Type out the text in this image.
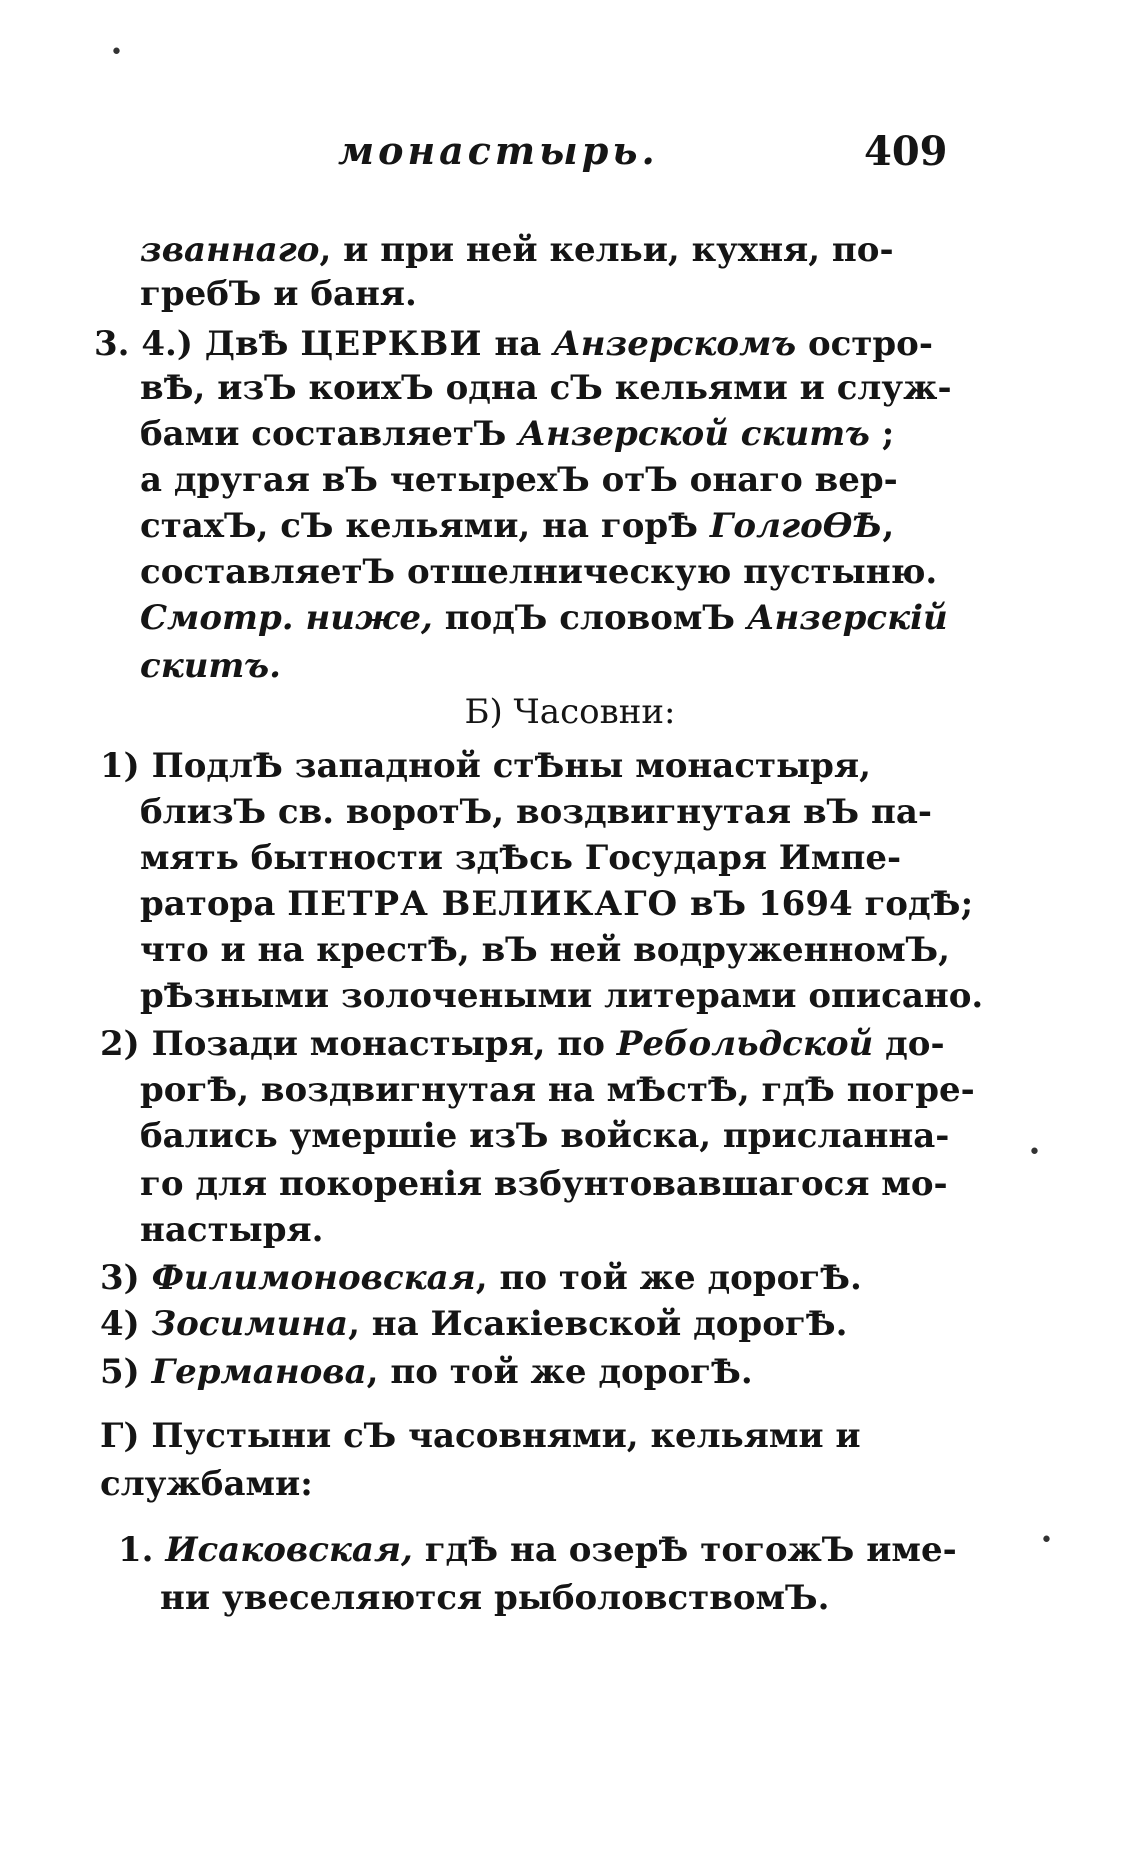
•
монастырь.	409
званнаго, и при ней кельи, кухня, по-
гребЪ и баня.
3. 4.) ДвѢ ЦЕРКВИ на Анзерскомъ остро-
вѢ, изЪ коихЪ одна сЪ кельями и служ-
бами составляетЪ Анзерской скитъ ;
а другая вЪ четырехЪ отЪ онаго вер-
стахЪ, сЪ кельями, на горѢ ГолгоѲѢ,
составляетЪ отшелническую пустыню.
Смотр. ниже, подЪ словомЪ Анзерскій
скитъ.
Б) Часовни:
1) ПодлѢ западной стѢны монастыря,
близЪ св. воротЪ, воздвигнутая вЪ па-
мять бытности здѢсь Государя Импе-
ратора ПЕТРА ВЕЛИКАГО вЪ 1694 годѢ;
что и на крестѢ, вЪ ней водруженномЪ,
рѢзными золочеными литерами описано.
2) Позади монастыря, по Ребольдской до-
рогѢ, воздвигнутая на мѢстѢ, гдѢ погре-
бались умершіе изЪ войска, присланна-
го для покоренія взбунтовавшагося мо-
настыря.
3) Филимоновская, по той же дорогѢ.
4) Зосимина, на Исакіевской дорогѢ.
5) Германова, по той же дорогѢ.
Г) Пустыни сЪ часовнями, кельями и
службами:
1. Исаковская, гдѢ на озерѢ тогожЪ име-
ни увеселяются рыболовствомЪ.
•
•
